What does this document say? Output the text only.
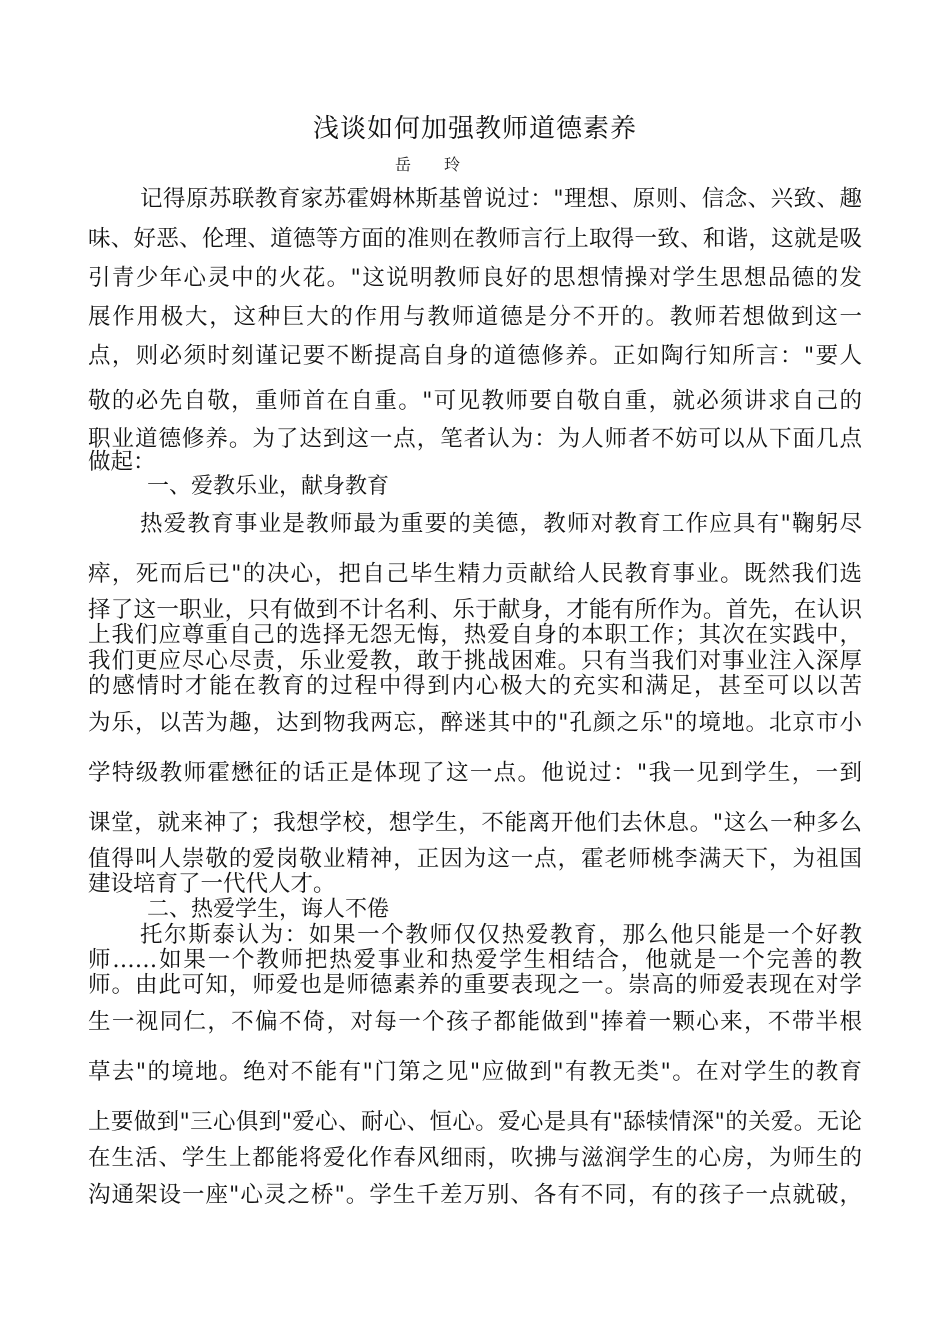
浅谈如何加强教师道德素养
岳 玲
记得原苏联教育家苏霍姆林斯基曾说过："理想、原则、信念、兴致、趣
味、好恶、伦理、道德等方面的准则在教师言行上取得一致、和谐，这就是吸
引青少年心灵中的火花。"这说明教师良好的思想情操对学生思想品德的发
展作用极大，这种巨大的作用与教师道德是分不开的。教师若想做到这一
点，则必须时刻谨记要不断提高自身的道德修养。正如陶行知所言："要人
敬的必先自敬，重师首在自重。"可见教师要自敬自重，就必须讲求自己的
职业道德修养。为了达到这一点，笔者认为：为人师者不妨可以从下面几点
做起：
一、爱教乐业，献身教育
热爱教育事业是教师最为重要的美德，教师对教育工作应具有"鞠躬尽
瘁，死而后已"的决心，把自己毕生精力贡献给人民教育事业。既然我们选
择了这一职业，只有做到不计名利、乐于献身，才能有所作为。首先，在认识
上我们应尊重自己的选择无怨无悔，热爱自身的本职工作；其次在实践中，
我们更应尽心尽责，乐业爱教，敢于挑战困难。只有当我们对事业注入深厚
的感情时才能在教育的过程中得到内心极大的充实和满足，甚至可以以苦
为乐，以苦为趣，达到物我两忘，醉迷其中的"孔颜之乐"的境地。北京市小
学特级教师霍懋征的话正是体现了这一点。他说过："我一见到学生，一到
课堂，就来神了；我想学校，想学生，不能离开他们去休息。"这么一种多么
值得叫人崇敬的爱岗敬业精神，正因为这一点，霍老师桃李满天下，为祖国
建设培育了一代代人才。
二、热爱学生，诲人不倦
托尔斯泰认为：如果一个教师仅仅热爱教育，那么他只能是一个好教
师……如果一个教师把热爱事业和热爱学生相结合，他就是一个完善的教
师。由此可知，师爱也是师德素养的重要表现之一。崇高的师爱表现在对学
生一视同仁，不偏不倚，对每一个孩子都能做到"捧着一颗心来，不带半根
草去"的境地。绝对不能有"门第之见"应做到"有教无类"。在对学生的教育
上要做到"三心俱到"爱心、耐心、恒心。爱心是具有"舔犊情深"的关爱。无论
在生活、学生上都能将爱化作春风细雨，吹拂与滋润学生的心房，为师生的
沟通架设一座"心灵之桥"。学生千差万别、各有不同，有的孩子一点就破，
